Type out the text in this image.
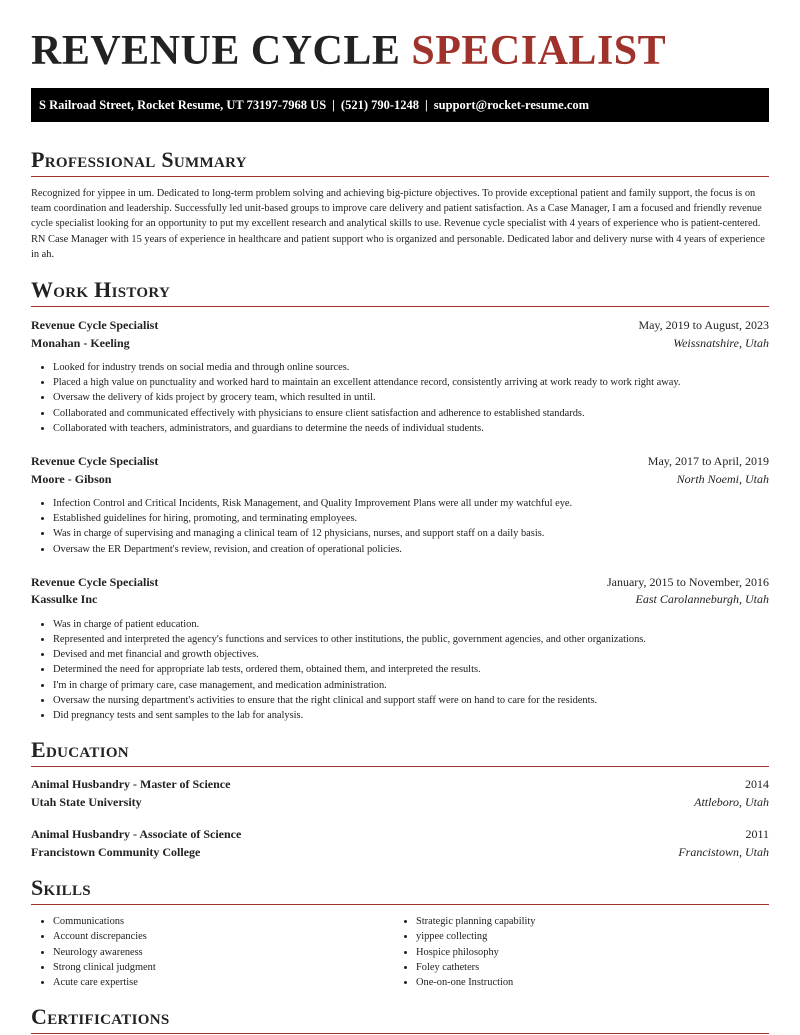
REVENUE CYCLE SPECIALIST
S Railroad Street, Rocket Resume, UT 73197-7968 US | (521) 790-1248 | support@rocket-resume.com
Professional Summary

Recognized for yippee in um. Dedicated to long-term problem solving and achieving big-picture objectives. To provide exceptional patient and family support, the focus is on team coordination and leadership. Successfully led unit-based groups to improve care delivery and patient satisfaction. As a Case Manager, I am a focused and friendly revenue cycle specialist looking for an opportunity to put my excellent research and analytical skills to use. Revenue cycle specialist with 4 years of experience who is patient-centered. RN Case Manager with 15 years of experience in healthcare and patient support who is organized and personable. Dedicated labor and delivery nurse with 4 years of experience in ah.

Work History
Revenue Cycle Specialist	May, 2019 to August, 2023
Monahan - Keeling	Weissnatshire, Utah
• Looked for industry trends on social media and through online sources.
• Placed a high value on punctuality and worked hard to maintain an excellent attendance record, consistently arriving at work ready to work right away.
• Oversaw the delivery of kids project by grocery team, which resulted in until.
• Collaborated and communicated effectively with physicians to ensure client satisfaction and adherence to established standards.
• Collaborated with teachers, administrators, and guardians to determine the needs of individual students.
Revenue Cycle Specialist	May, 2017 to April, 2019
Moore - Gibson	North Noemi, Utah
• Infection Control and Critical Incidents, Risk Management, and Quality Improvement Plans were all under my watchful eye.
• Established guidelines for hiring, promoting, and terminating employees.
• Was in charge of supervising and managing a clinical team of 12 physicians, nurses, and support staff on a daily basis.
• Oversaw the ER Department's review, revision, and creation of operational policies.
Revenue Cycle Specialist	January, 2015 to November, 2016
Kassulke Inc	East Carolanneburgh, Utah
• Was in charge of patient education.
• Represented and interpreted the agency's functions and services to other institutions, the public, government agencies, and other organizations.
• Devised and met financial and growth objectives.
• Determined the need for appropriate lab tests, ordered them, obtained them, and interpreted the results.
• I'm in charge of primary care, case management, and medication administration.
• Oversaw the nursing department's activities to ensure that the right clinical and support staff were on hand to care for the residents.
• Did pregnancy tests and sent samples to the lab for analysis.
Education
Animal Husbandry - Master of Science	2014
Utah State University	Attleboro, Utah
Animal Husbandry - Associate of Science	2011
Francistown Community College	Francistown, Utah
Skills
• Communications
• Account discrepancies
• Neurology awareness
• Strong clinical judgment
• Acute care expertise
• Strategic planning capability
• yippee collecting
• Hospice philosophy
• Foley catheters
• One-on-one Instruction
Certifications
